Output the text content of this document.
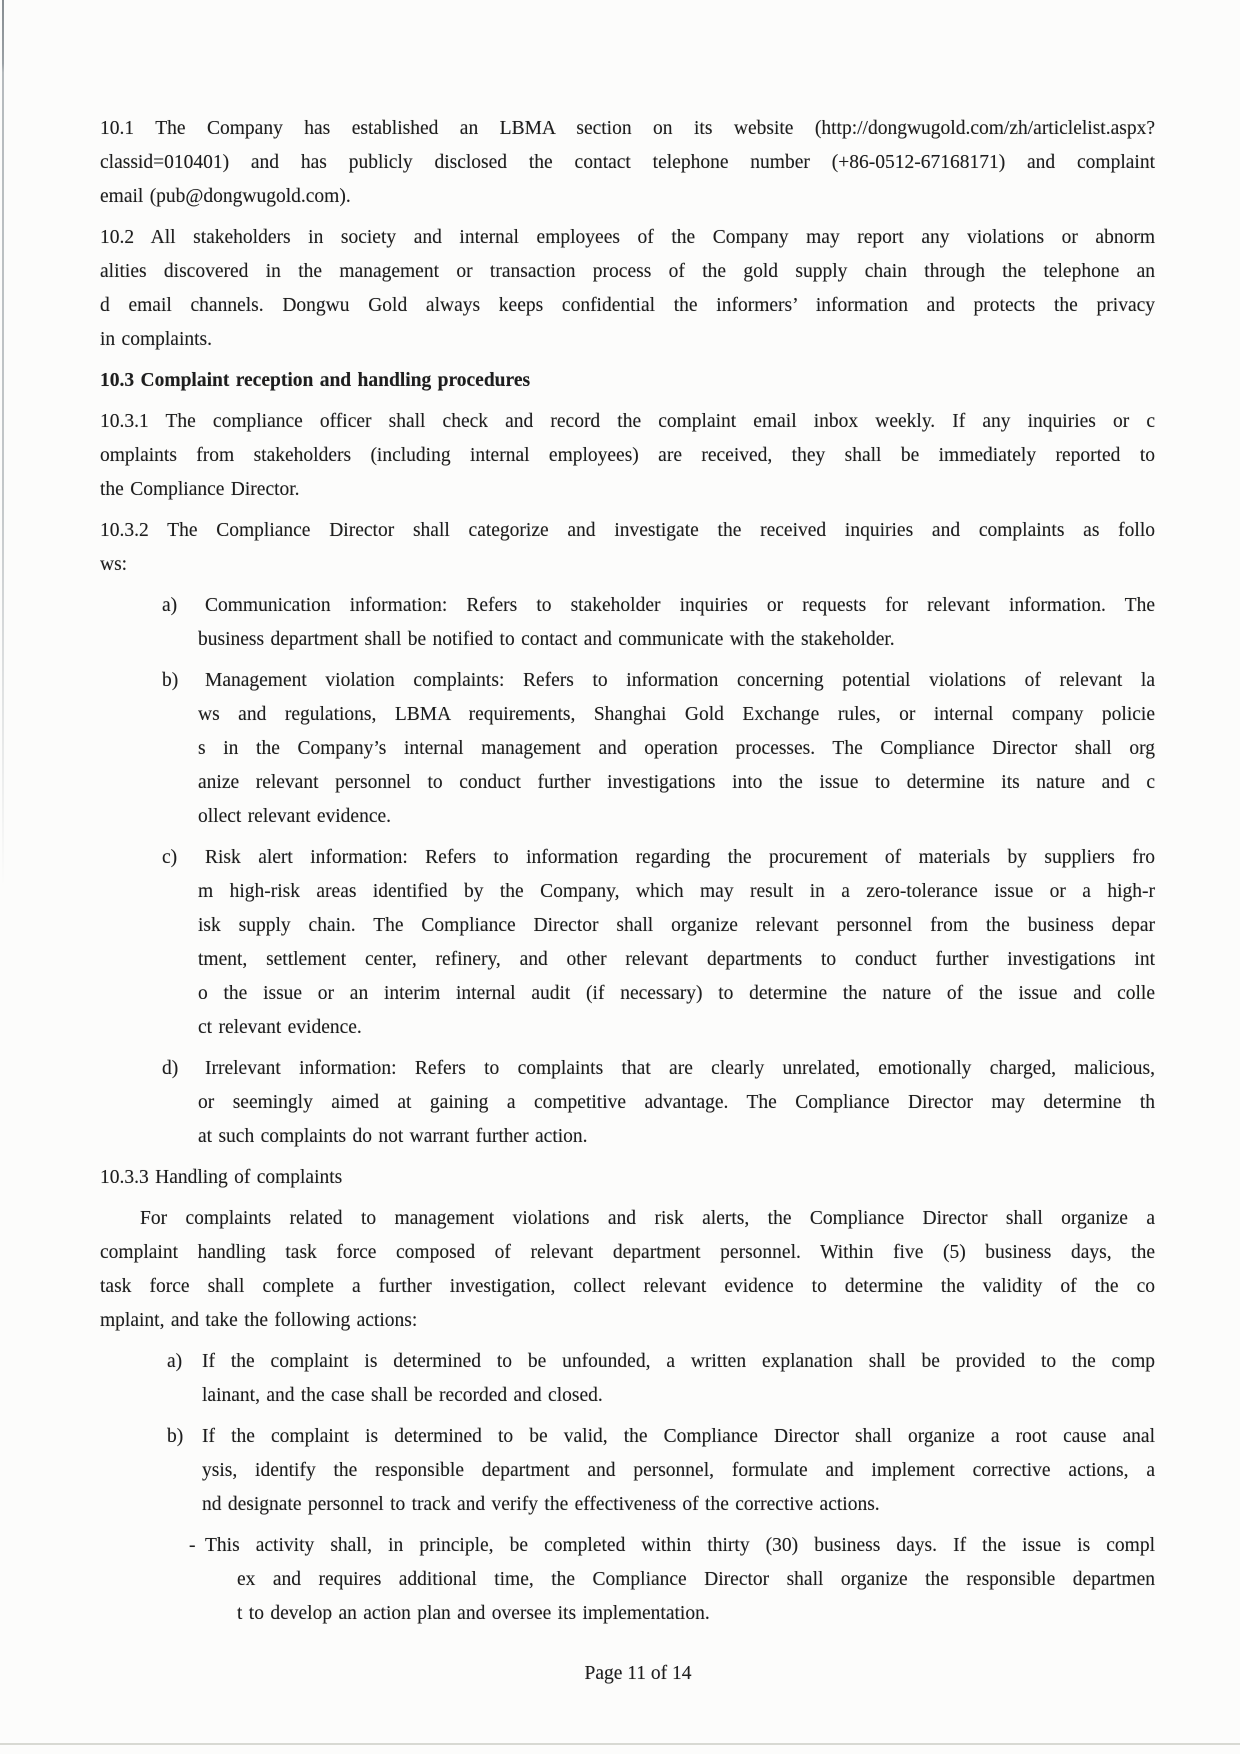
10.1 The Company has established an LBMA section on its website (http://dongwugold.com/zh/articlelist.aspx?
classid=010401) and has publicly disclosed the contact telephone number (+86-0512-67168171) and complaint
email (pub@dongwugold.com).
10.2 All stakeholders in society and internal employees of the Company may report any violations or abnorm
alities discovered in the management or transaction process of the gold supply chain through the telephone an
d email channels. Dongwu Gold always keeps confidential the informers’ information and protects the privacy
in complaints.
10.3 Complaint reception and handling procedures
10.3.1 The compliance officer shall check and record the complaint email inbox weekly. If any inquiries or c
omplaints from stakeholders (including internal employees) are received, they shall be immediately reported to
the Compliance Director.
10.3.2 The Compliance Director shall categorize and investigate the received inquiries and complaints as follo
ws:
a)	Communication information: Refers to stakeholder inquiries or requests for relevant information. The
business department shall be notified to contact and communicate with the stakeholder.
b)	Management violation complaints: Refers to information concerning potential violations of relevant la
ws and regulations, LBMA requirements, Shanghai Gold Exchange rules, or internal company policie
s in the Company’s internal management and operation processes. The Compliance Director shall org
anize relevant personnel to conduct further investigations into the issue to determine its nature and c
ollect relevant evidence.
c)	Risk alert information: Refers to information regarding the procurement of materials by suppliers fro
m high-risk areas identified by the Company, which may result in a zero-tolerance issue or a high-r
isk supply chain. The Compliance Director shall organize relevant personnel from the business depar
tment, settlement center, refinery, and other relevant departments to conduct further investigations int
o the issue or an interim internal audit (if necessary) to determine the nature of the issue and colle
ct relevant evidence.
d)	Irrelevant information: Refers to complaints that are clearly unrelated, emotionally charged, malicious,
or seemingly aimed at gaining a competitive advantage. The Compliance Director may determine th
at such complaints do not warrant further action.
10.3.3 Handling of complaints
For complaints related to management violations and risk alerts, the Compliance Director shall organize a
complaint handling task force composed of relevant department personnel. Within five (5) business days, the
task force shall complete a further investigation, collect relevant evidence to determine the validity of the co
mplaint, and take the following actions:
a) If the complaint is determined to be unfounded, a written explanation shall be provided to the comp
lainant, and the case shall be recorded and closed.
b) If the complaint is determined to be valid, the Compliance Director shall organize a root cause anal
ysis, identify the responsible department and personnel, formulate and implement corrective actions, a
nd designate personnel to track and verify the effectiveness of the corrective actions.
- This activity shall, in principle, be completed within thirty (30) business days. If the issue is compl
ex and requires additional time, the Compliance Director shall organize the responsible departmen
t to develop an action plan and oversee its implementation.
Page 11 of 14
